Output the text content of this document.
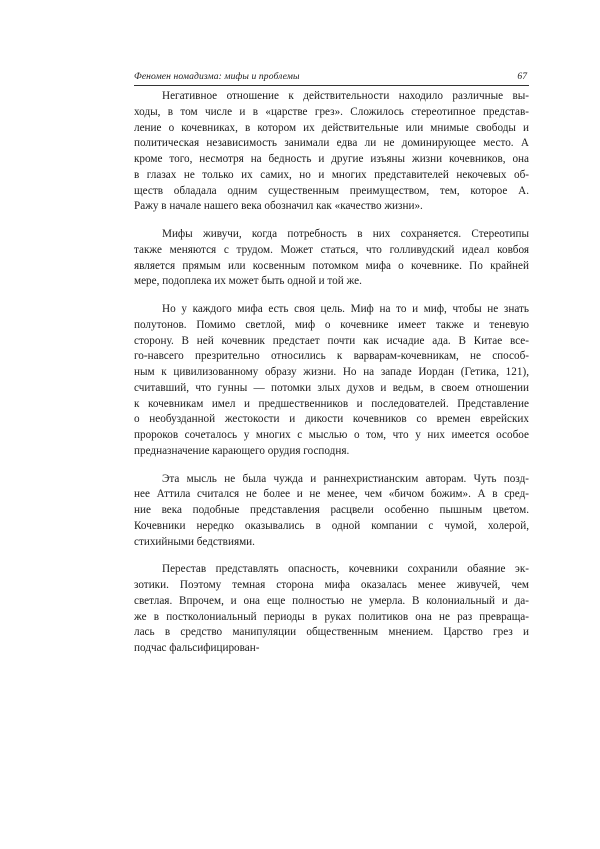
Феномен номадизма: мифы и проблемы	67
Негативное отношение к действительности находило различные вы-
ходы, в том числе и в «царстве грез». Сложилось стереотипное представ-
ление о кочевниках, в котором их действительные или мнимые свободы и
политическая независимость занимали едва ли не доминирующее место. А
кроме того, несмотря на бедность и другие изъяны жизни кочевников, она
в глазах не только их самих, но и многих представителей некочевых об-
ществ обладала одним существенным преимуществом, тем, которое А.
Ражу в начале нашего века обозначил как «качество жизни».
Мифы живучи, когда потребность в них сохраняется. Стереотипы
также меняются с трудом. Может статься, что голливудский идеал ковбоя
является прямым или косвенным потомком мифа о кочевнике. По крайней
мере, подоплека их может быть одной и той же.
Но у каждого мифа есть своя цель. Миф на то и миф, чтобы не знать
полутонов. Помимо светлой, миф о кочевнике имеет также и теневую
сторону. В ней кочевник предстает почти как исчадие ада. В Китае все-
го-навсего презрительно относились к варварам-кочевникам, не способ-
ным к цивилизованному образу жизни. Но на западе Иордан (Гетика, 121),
считавший, что гунны — потомки злых духов и ведьм, в своем отношении
к кочевникам имел и предшественников и последователей. Представление
о необузданной жестокости и дикости кочевников со времен еврейских
пророков сочеталось у многих с мыслью о том, что у них имеется особое
предназначение карающего орудия господня.
Эта мысль не была чужда и раннехристианским авторам. Чуть позд-
нее Аттила считался не более и не менее, чем «бичом божим». А в сред-
ние века подобные представления расцвели особенно пышным цветом.
Кочевники нередко оказывались в одной компании с чумой, холерой,
стихийными бедствиями.
Перестав представлять опасность, кочевники сохранили обаяние эк-
зотики. Поэтому темная сторона мифа оказалась менее живучей, чем
светлая. Впрочем, и она еще полностью не умерла. В колониальный и да-
же в постколониальный периоды в руках политиков она не раз превраща-
лась в средство манипуляции общественным мнением. Царство грез и
подчас фальсифицирован-
